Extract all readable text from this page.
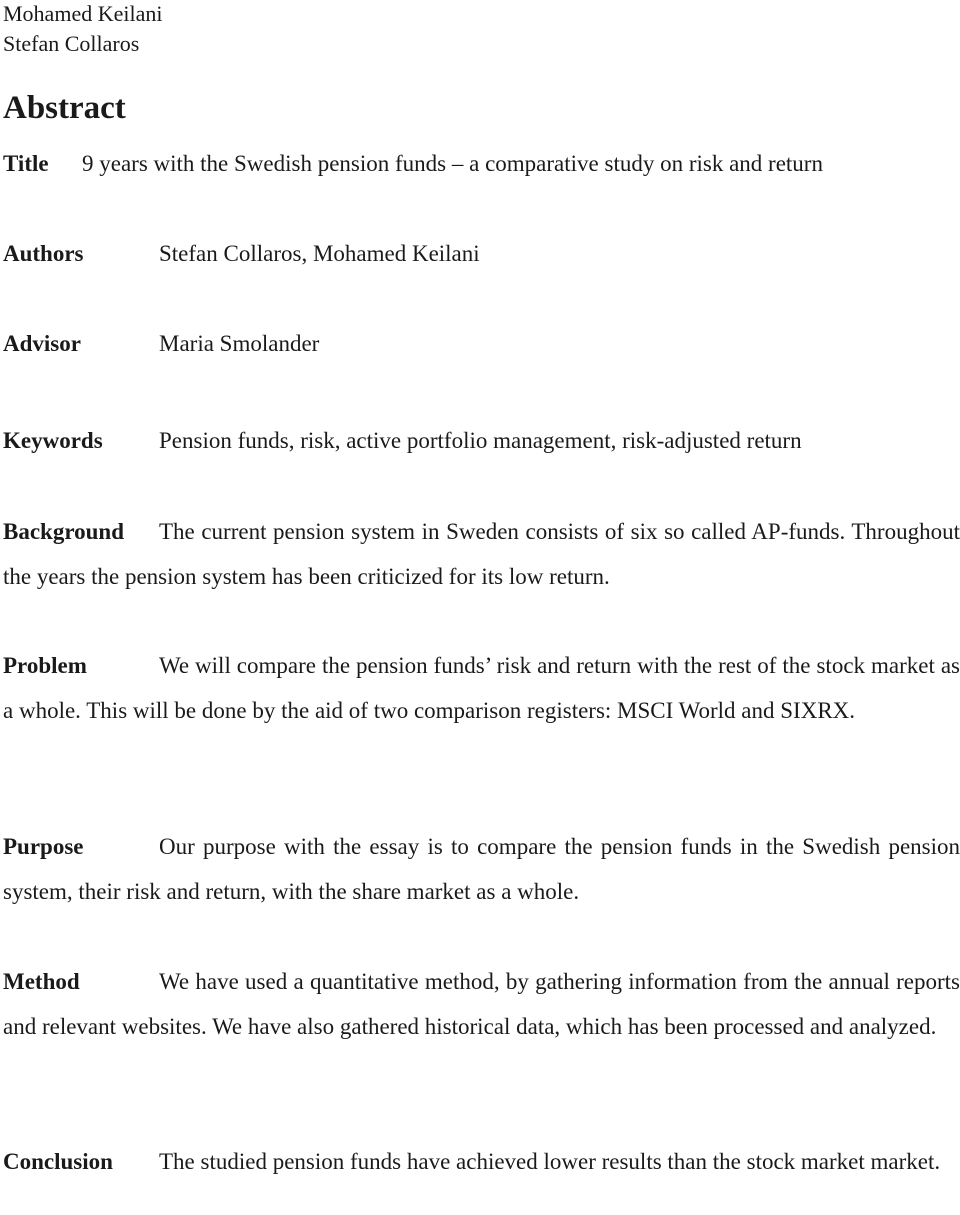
Mohamed Keilani
Stefan Collaros
Abstract
Title 9 years with the Swedish pension funds – a comparative study on risk and return
Authors	Stefan Collaros, Mohamed Keilani
Advisor	Maria Smolander
Keywords Pension funds, risk, active portfolio management, risk-adjusted return
Background The current pension system in Sweden consists of six so called AP-funds. Throughout the years the pension system has been criticized for its low return.
Problem	We will compare the pension funds’ risk and return with the rest of the stock market as a whole. This will be done by the aid of two comparison registers: MSCI World and SIXRX.
Purpose	Our purpose with the essay is to compare the pension funds in the Swedish pension system, their risk and return, with the share market as a whole.
Method	We have used a quantitative method, by gathering information from the annual reports and relevant websites. We have also gathered historical data, which has been processed and analyzed.
Conclusion The studied pension funds have achieved lower results than the stock market market.
